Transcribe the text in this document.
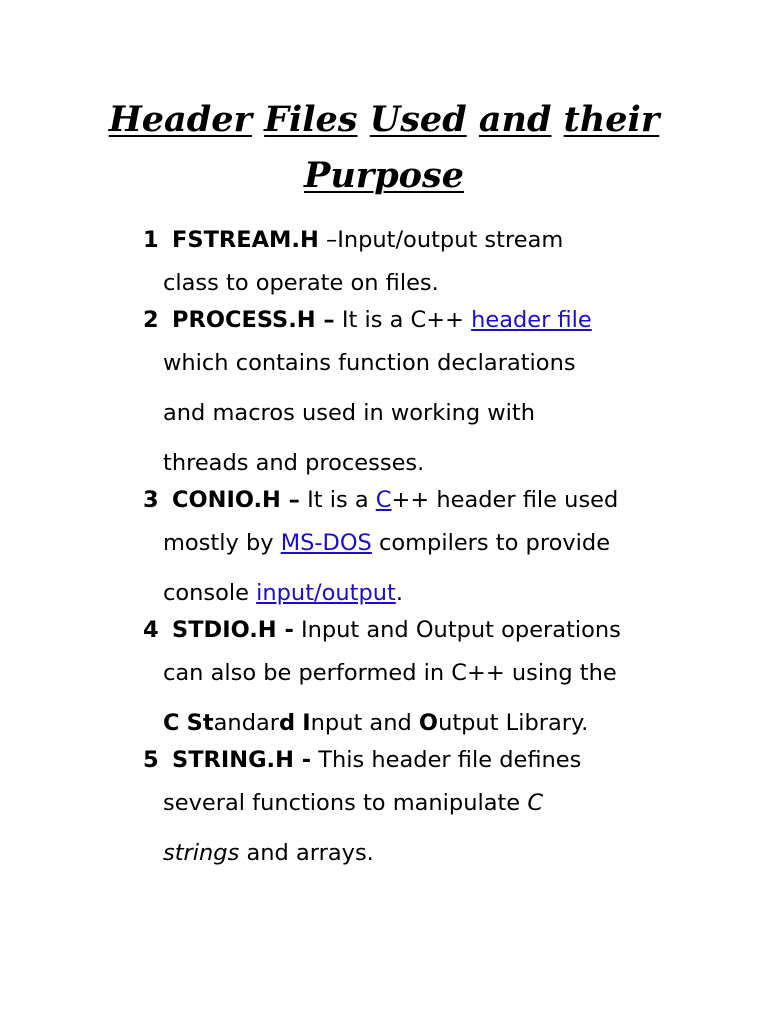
Header Files Used and their
Purpose
1 FSTREAM.H –Input/output stream
class to operate on files.
2 PROCESS.H – It is a C++ header file
which contains function declarations
and macros used in working with
threads and processes.
3 CONIO.H – It is a C++ header file used
mostly by MS-DOS compilers to provide
console input/output.
4 STDIO.H - Input and Output operations
can also be performed in C++ using the
C Standard Input and Output Library.
5 STRING.H - This header file defines
several functions to manipulate C
strings and arrays.
